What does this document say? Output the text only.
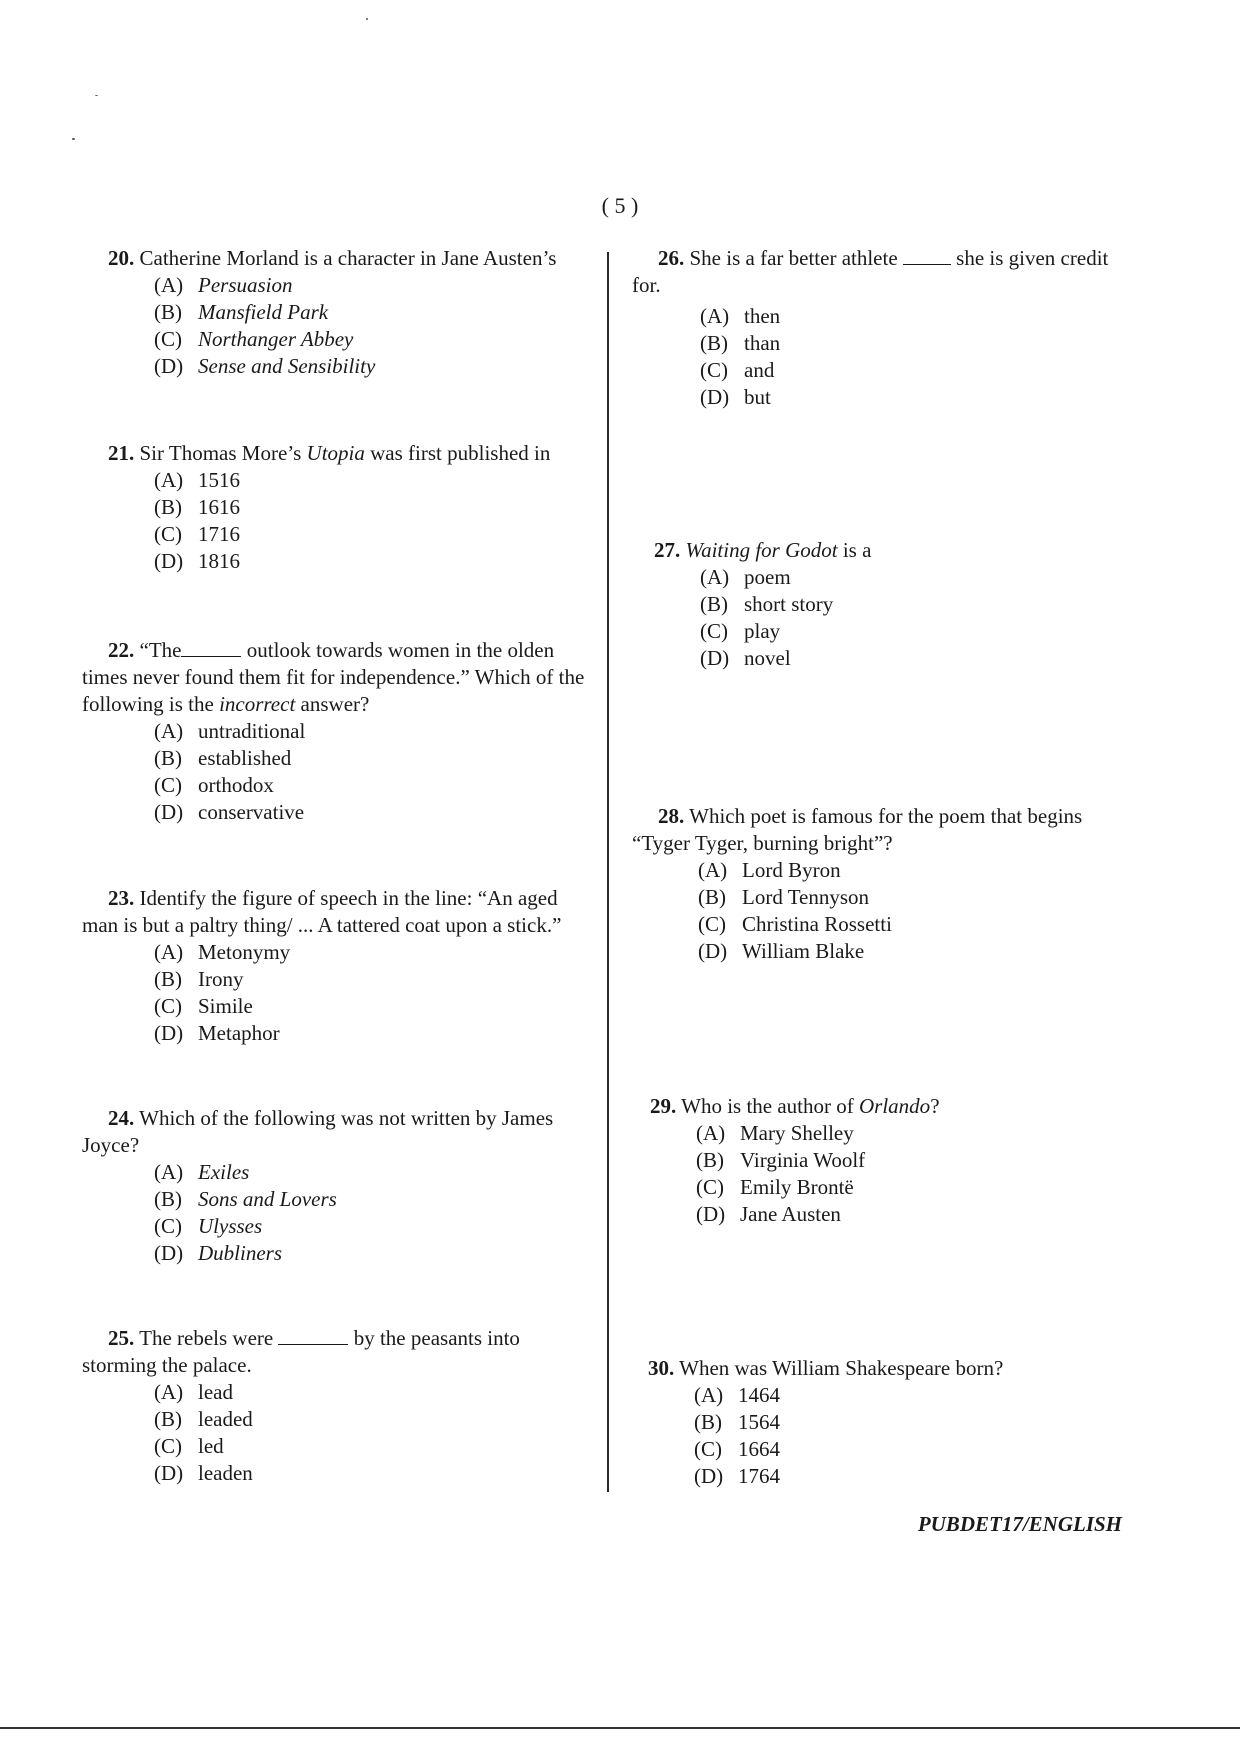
( 5 )

20. Catherine Morland is a character in Jane Austen’s

(A) Persuasion
(B) Mansfield Park
(C) Northanger Abbey
(D) Sense and Sensibility

21. Sir Thomas More’s Utopia was first published in

(A) 1516
(B) 1616
(C) 1716
(D) 1816

22. “The	outlook towards women in the olden times never found them fit for independence.” Which of the following is the incorrect answer?

(A) untraditional
(B) established
(C) orthodox
(D) conservative

23. Identify the figure of speech in the line: “An aged man is but a paltry thing/ ... A tattered coat upon a stick.”

(A) Metonymy
(B) Irony
(C) Simile
(D) Metaphor

24. Which of the following was not written by James Joyce?

(A) Exiles
(B) Sons and Lovers
(C) Ulysses
(D) Dubliners

25. The rebels were	by the peasants into storming the palace.

(A) lead
(B) leaded
(C) led
(D) leaden

26. She is a far better athlete	she is given credit for.

(A) then
(B) than
(C) and
(D) but

27. Waiting for Godot is a

(A) poem
(B) short story
(C) play
(D) novel

28. Which poet is famous for the poem that begins “Tyger Tyger, burning bright”?

(A) Lord Byron
(B) Lord Tennyson
(C) Christina Rossetti
(D) William Blake

29. Who is the author of Orlando?

(A) Mary Shelley
(B) Virginia Woolf
(C) Emily Brontë
(D) Jane Austen

30. When was William Shakespeare born?

(A) 1464
(B) 1564
(C) 1664
(D) 1764
PUBDET17/ENGLISH
